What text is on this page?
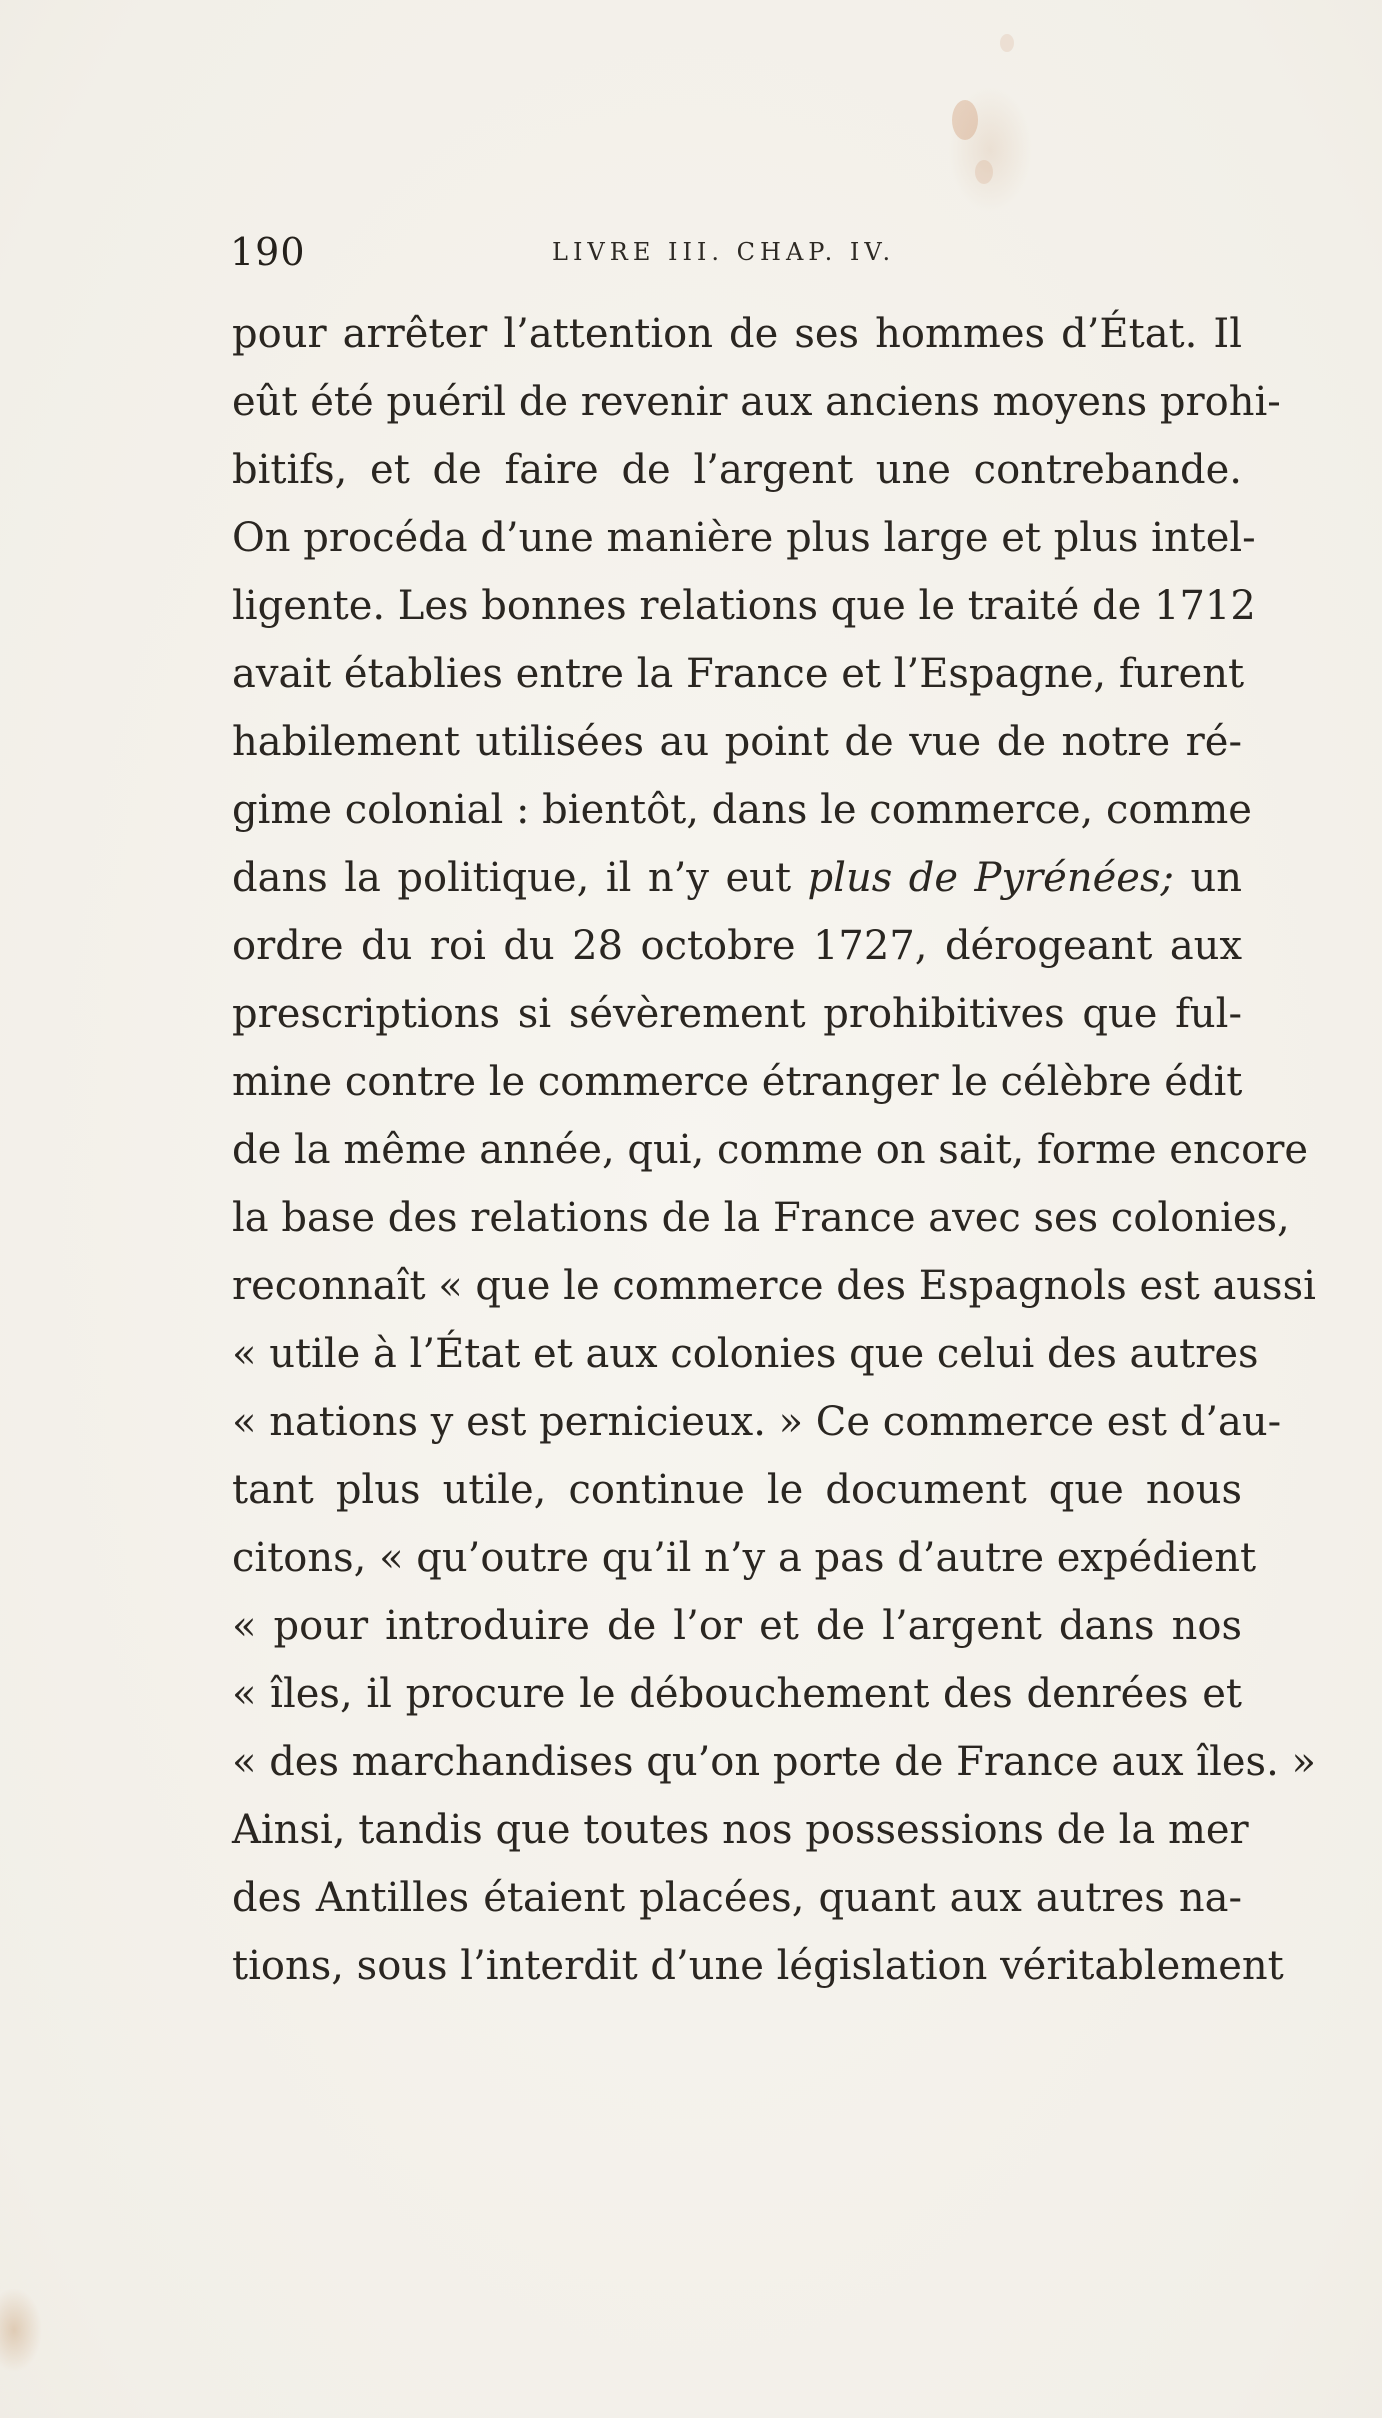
190	LIVRE III. CHAP. IV.
pour arrêter l’attention de ses hommes d’État. Il
eût été puéril de revenir aux anciens moyens prohi-
bitifs, et de faire de l’argent une contrebande.
On procéda d’une manière plus large et plus intel-
ligente. Les bonnes relations que le traité de 1712
avait établies entre la France et l’Espagne, furent
habilement utilisées au point de vue de notre ré-
gime colonial : bientôt, dans le commerce, comme
dans la politique, il n’y eut plus de Pyrénées; un
ordre du roi du 28 octobre 1727, dérogeant aux
prescriptions si sévèrement prohibitives que ful-
mine contre le commerce étranger le célèbre édit
de la même année, qui, comme on sait, forme encore
la base des relations de la France avec ses colonies,
reconnaît « que le commerce des Espagnols est aussi
« utile à l’État et aux colonies que celui des autres
« nations y est pernicieux. » Ce commerce est d’au-
tant plus utile, continue le document que nous
citons, « qu’outre qu’il n’y a pas d’autre expédient
« pour introduire de l’or et de l’argent dans nos
« îles, il procure le débouchement des denrées et
« des marchandises qu’on porte de France aux îles. »
Ainsi, tandis que toutes nos possessions de la mer
des Antilles étaient placées, quant aux autres na-
tions, sous l’interdit d’une législation véritablement
